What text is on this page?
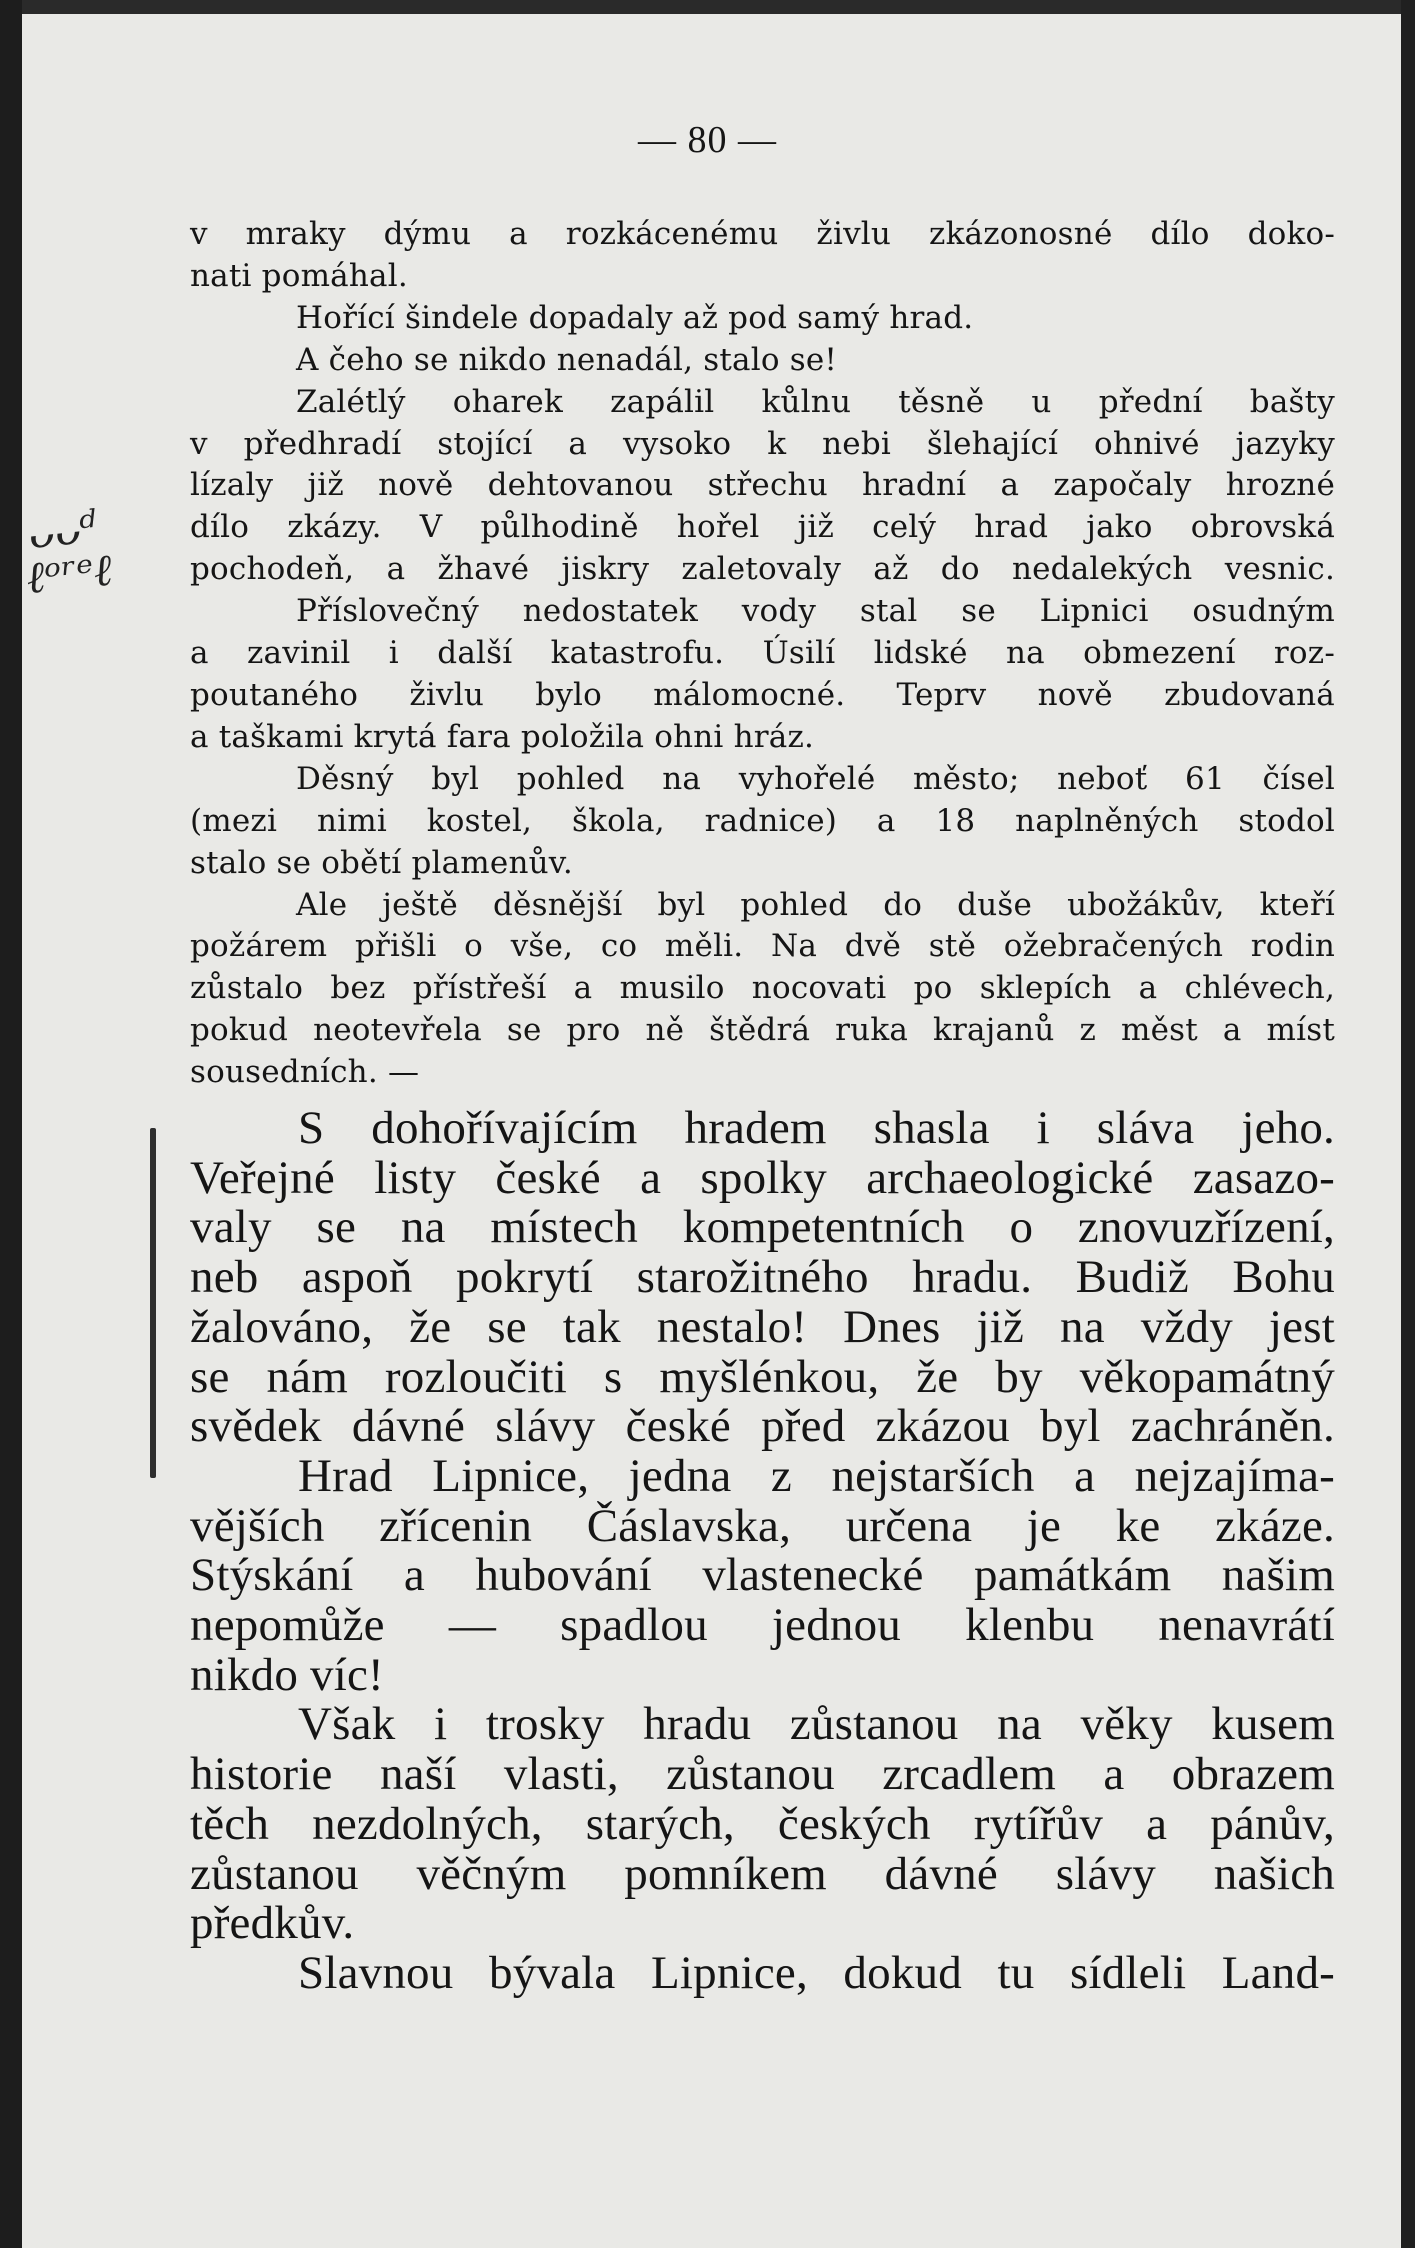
— 80 —
ᴗᴗᵈ
ℓᵒʳᵉℓ
v mraky dýmu a rozkácenému živlu zkázonosné dílo doko-
nati pomáhal.
Hořící šindele dopadaly až pod samý hrad.
A čeho se nikdo nenadál, stalo se!
Zalétlý oharek zapálil kůlnu těsně u přední bašty
v předhradí stojící a vysoko k nebi šlehající ohnivé jazyky
lízaly již nově dehtovanou střechu hradní a započaly hrozné
dílo zkázy. V půlhodině hořel již celý hrad jako obrovská
pochodeň, a žhavé jiskry zaletovaly až do nedalekých vesnic.
Příslovečný nedostatek vody stal se Lipnici osudným
a zavinil i další katastrofu. Úsilí lidské na obmezení roz-
poutaného živlu bylo málomocné. Teprv nově zbudovaná
a taškami krytá fara položila ohni hráz.
Děsný byl pohled na vyhořelé město; neboť 61 čísel
(mezi nimi kostel, škola, radnice) a 18 naplněných stodol
stalo se obětí plamenův.
Ale ještě děsnější byl pohled do duše ubožákův, kteří
požárem přišli o vše, co měli. Na dvě stě ožebračených rodin
zůstalo bez přístřeší a musilo nocovati po sklepích a chlévech,
pokud neotevřela se pro ně štědrá ruka krajanů z měst a míst
sousedních. —
S dohořívajícím hradem shasla i sláva jeho.
Veřejné listy české a spolky archaeologické zasazo-
valy se na místech kompetentních o znovuzřízení,
neb aspoň pokrytí starožitného hradu. Budiž Bohu
žalováno, že se tak nestalo! Dnes již na vždy jest
se nám rozloučiti s myšlénkou, že by věkopamátný
svědek dávné slávy české před zkázou byl zachráněn.
Hrad Lipnice, jedna z nejstarších a nejzajíma-
vějších zřícenin Čáslavska, určena je ke zkáze.
Stýskání a hubování vlastenecké památkám našim
nepomůže — spadlou jednou klenbu nenavrátí
nikdo víc!
Však i trosky hradu zůstanou na věky kusem
historie naší vlasti, zůstanou zrcadlem a obrazem
těch nezdolných, starých, českých rytířův a pánův,
zůstanou věčným pomníkem dávné slávy našich
předkův.
Slavnou bývala Lipnice, dokud tu sídleli Land-
